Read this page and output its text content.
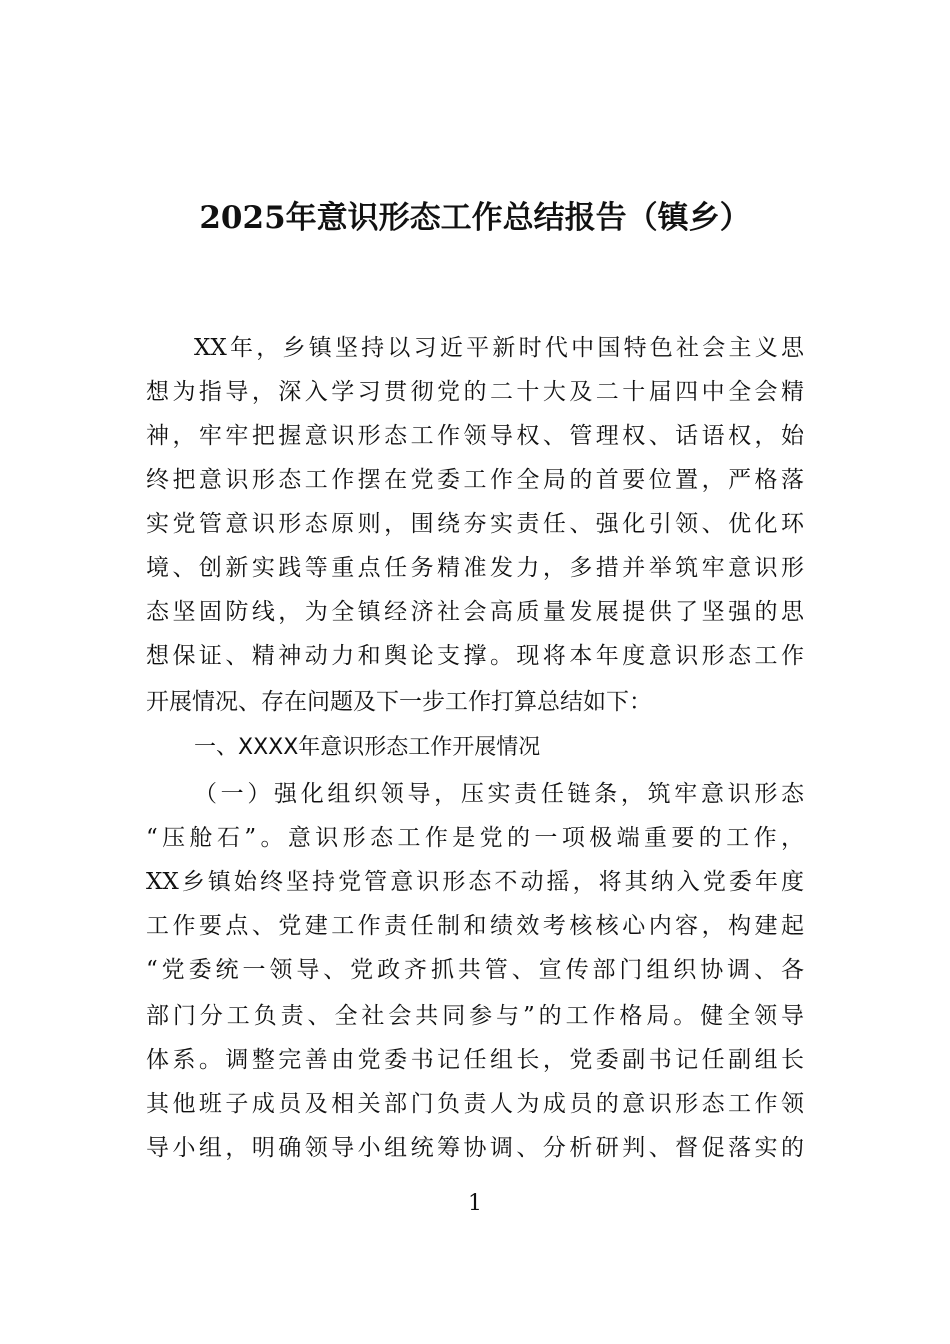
2025年意识形态工作总结报告（镇乡）
XX年，乡镇坚持以习近平新时代中国特色社会主义思
想为指导，深入学习贯彻党的二十大及二十届四中全会精
神，牢牢把握意识形态工作领导权、管理权、话语权，始
终把意识形态工作摆在党委工作全局的首要位置，严格落
实党管意识形态原则，围绕夯实责任、强化引领、优化环
境、创新实践等重点任务精准发力，多措并举筑牢意识形
态坚固防线，为全镇经济社会高质量发展提供了坚强的思
想保证、精神动力和舆论支撑。现将本年度意识形态工作
开展情况、存在问题及下一步工作打算总结如下：
一、XXXX年意识形态工作开展情况
（一）强化组织领导，压实责任链条，筑牢意识形态
“压舱石”。意识形态工作是党的一项极端重要的工作，
XX乡镇始终坚持党管意识形态不动摇，将其纳入党委年度
工作要点、党建工作责任制和绩效考核核心内容，构建起
“党委统一领导、党政齐抓共管、宣传部门组织协调、各
部门分工负责、全社会共同参与”的工作格局。健全领导
体系。调整完善由党委书记任组长，党委副书记任副组长
其他班子成员及相关部门负责人为成员的意识形态工作领
导小组，明确领导小组统筹协调、分析研判、督促落实的
1
